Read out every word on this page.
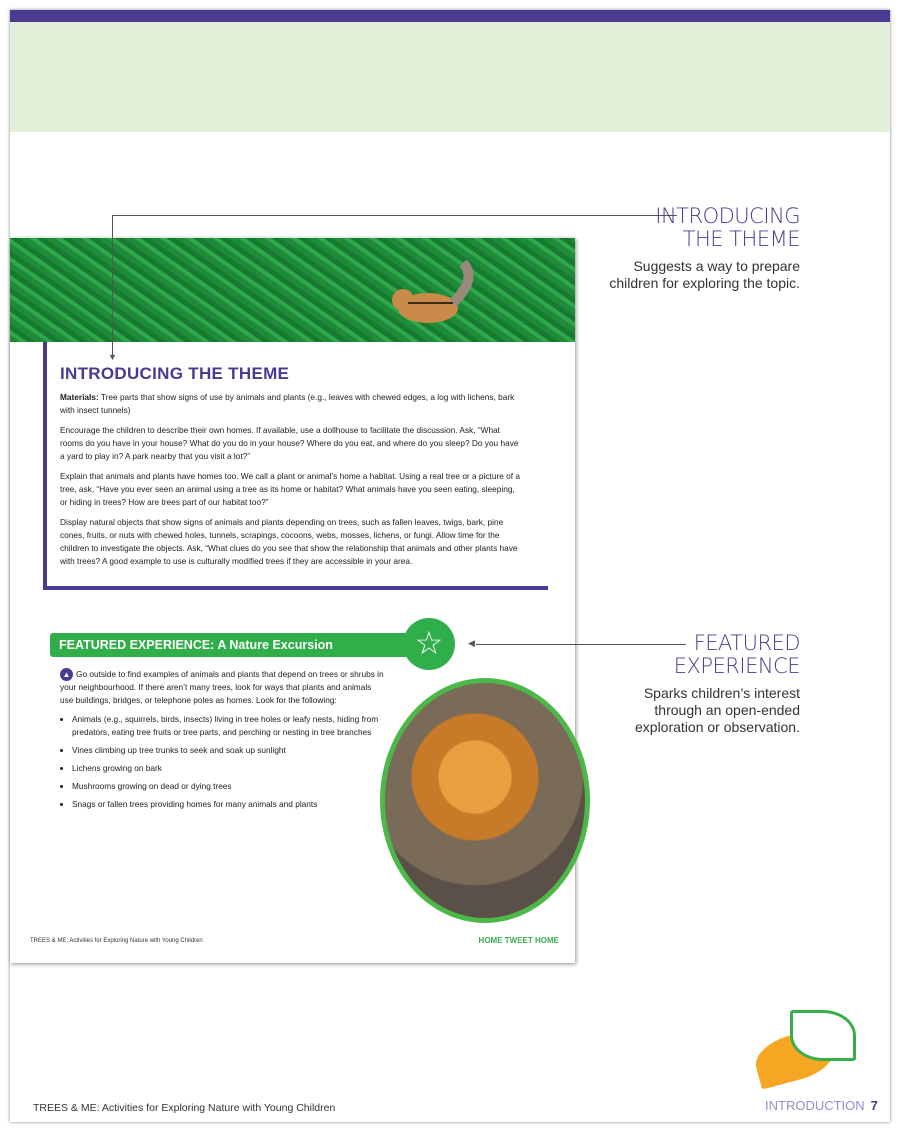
INTRODUCING THE THEME

Materials: Tree parts that show signs of use by animals and plants (e.g., leaves with chewed edges, a log with lichens, bark with insect tunnels)

Encourage the children to describe their own homes. If available, use a dollhouse to facilitate the discussion. Ask, “What rooms do you have in your house? What do you do in your house? Where do you eat, and where do you sleep? Do you have a yard to play in? A park nearby that you visit a lot?”

Explain that animals and plants have homes too. We call a plant or animal’s home a habitat. Using a real tree or a picture of a tree, ask, “Have you ever seen an animal using a tree as its home or habitat? What animals have you seen eating, sleeping, or hiding in trees? How are trees part of our habitat too?”

Display natural objects that show signs of animals and plants depending on trees, such as fallen leaves, twigs, bark, pine cones, fruits, or nuts with chewed holes, tunnels, scrapings, cocoons, webs, mosses, lichens, or fungi. Allow time for the children to investigate the objects. Ask, “What clues do you see that show the relationship that animals and other plants have with trees? A good example to use is culturally modified trees if they are accessible in your area.

FEATURED EXPERIENCE: A Nature Excursion	☆
▲ Go outside to find examples of animals and plants that depend on trees or shrubs in your neighbourhood. If there aren’t many trees, look for ways that plants and animals use buildings, bridges, or telephone poles as homes. Look for the following:
• Animals (e.g., squirrels, birds, insects) living in tree holes or leafy nests, hiding from predators, eating tree fruits or tree parts, and perching or nesting in tree branches
• Vines climbing up tree trunks to seek and soak up sunlight
• Lichens growing on bark
• Mushrooms growing on dead or dying trees
• Snags or fallen trees providing homes for many animals and plants
TREES & ME: Activities for Exploring Nature with Young Children	HOME TWEET HOME
▼
INTRODUCING
THE THEME
Suggests a way to prepare
children for exploring the topic.
◀	FEATURED
EXPERIENCE
Sparks children’s interest
through an open-ended
exploration or observation.
TREES & ME: Activities for Exploring Nature with Young Children	INTRODUCTION 7
